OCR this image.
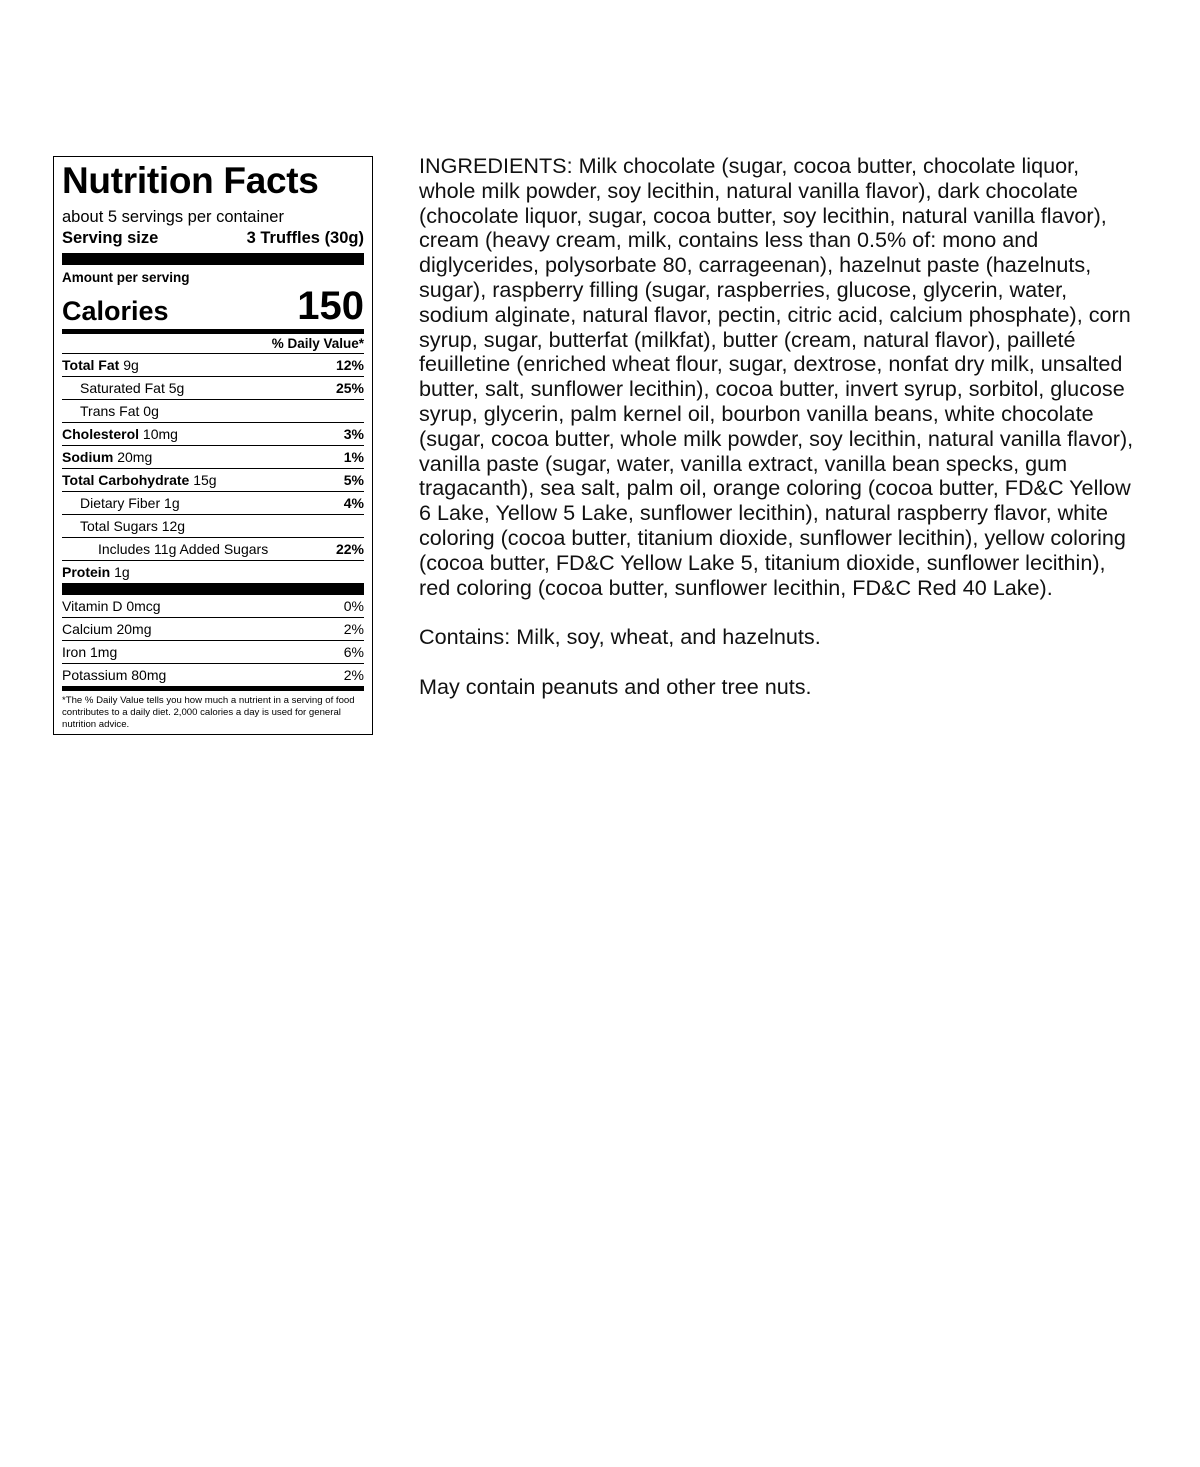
Nutrition Facts
about 5 servings per container
Serving size	3 Truffles (30g)
Amount per serving
Calories	150
% Daily Value*
Total Fat 9g	12%
Saturated Fat 5g	25%
Trans Fat 0g
Cholesterol 10mg	3%
Sodium 20mg	1%
Total Carbohydrate 15g	5%
Dietary Fiber 1g	4%
Total Sugars 12g
Includes 11g Added Sugars	22%
Protein 1g
Vitamin D 0mcg	0%
Calcium 20mg	2%
Iron 1mg	6%
Potassium 80mg	2%
*The % Daily Value tells you how much a nutrient in a serving of food contributes to a daily diet. 2,000 calories a day is used for general nutrition advice.

INGREDIENTS: Milk chocolate (sugar, cocoa butter, chocolate liquor, whole milk powder, soy lecithin, natural vanilla flavor), dark chocolate (chocolate liquor, sugar, cocoa butter, soy lecithin, natural vanilla flavor), cream (heavy cream, milk, contains less than 0.5% of: mono and diglycerides, polysorbate 80, carrageenan), hazelnut paste (hazelnuts, sugar), raspberry filling (sugar, raspberries, glucose, glycerin, water, sodium alginate, natural flavor, pectin, citric acid, calcium phosphate), corn syrup, sugar, butterfat (milkfat), butter (cream, natural flavor), pailleté feuilletine (enriched wheat flour, sugar, dextrose, nonfat dry milk, unsalted butter, salt, sunflower lecithin), cocoa butter, invert syrup, sorbitol, glucose syrup, glycerin, palm kernel oil, bourbon vanilla beans, white chocolate (sugar, cocoa butter, whole milk powder, soy lecithin, natural vanilla flavor), vanilla paste (sugar, water, vanilla extract, vanilla bean specks, gum tragacanth), sea salt, palm oil, orange coloring (cocoa butter, FD&C Yellow 6 Lake, Yellow 5 Lake, sunflower lecithin), natural raspberry flavor, white coloring (cocoa butter, titanium dioxide, sunflower lecithin), yellow coloring (cocoa butter, FD&C Yellow Lake 5, titanium dioxide, sunflower lecithin), red coloring (cocoa butter, sunflower lecithin, FD&C Red 40 Lake).

Contains: Milk, soy, wheat, and hazelnuts.

May contain peanuts and other tree nuts.
